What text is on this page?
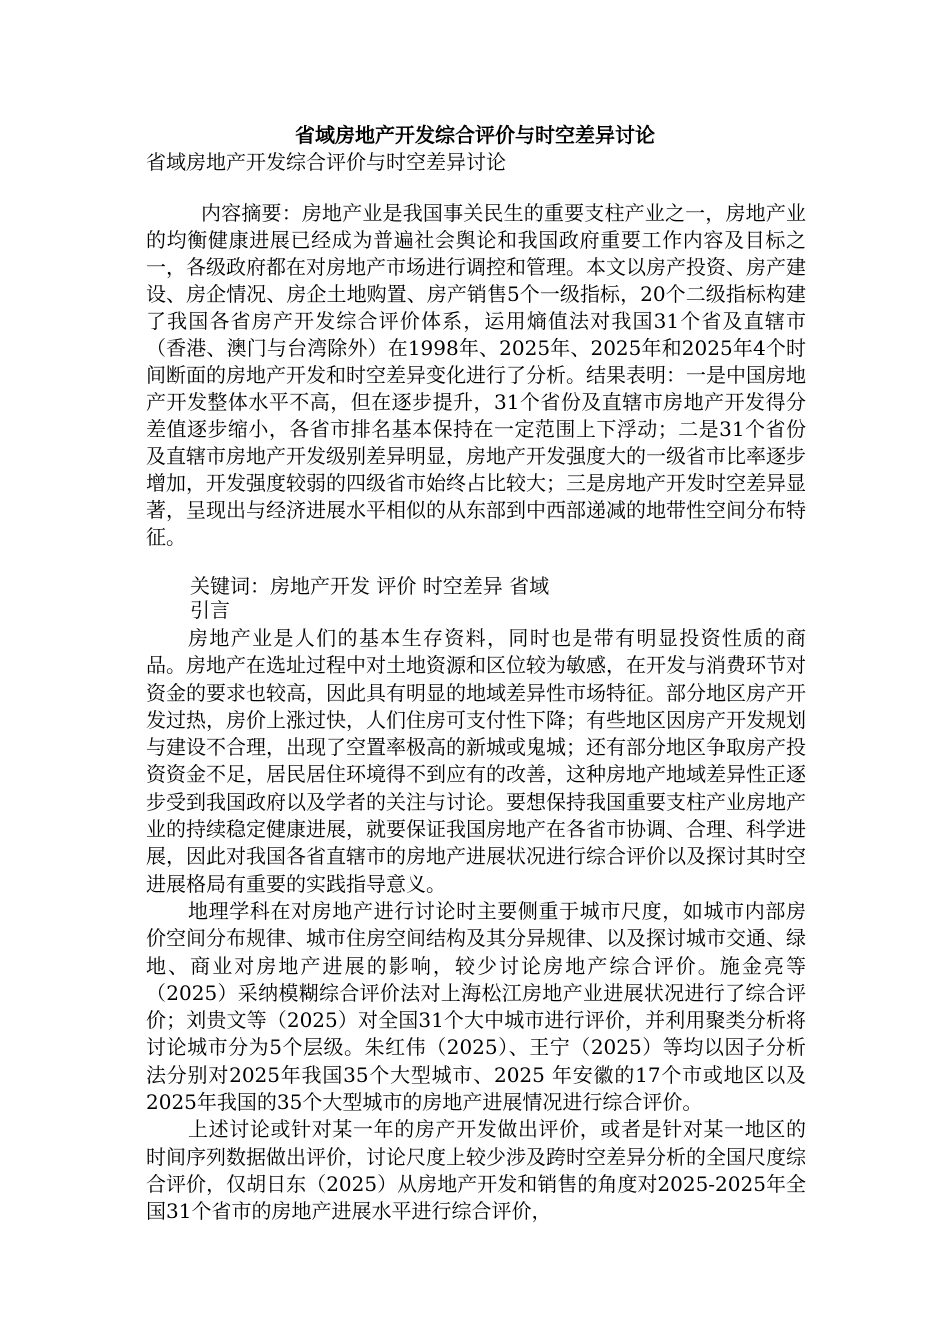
省域房地产开发综合评价与时空差异讨论
省域房地产开发综合评价与时空差异讨论

内容摘要：房地产业是我国事关民生的重要支柱产业之一，房地产业的均衡健康进展已经成为普遍社会舆论和我国政府重要工作内容及目标之一，各级政府都在对房地产市场进行调控和管理。本文以房产投资、房产建设、房企情况、房企土地购置、房产销售5个一级指标，20个二级指标构建了我国各省房产开发综合评价体系，运用熵值法对我国31个省及直辖市（香港、澳门与台湾除外）在1998年、2025年、2025年和2025年4个时间断面的房地产开发和时空差异变化进行了分析。结果表明：一是中国房地产开发整体水平不高，但在逐步提升，31个省份及直辖市房地产开发得分差值逐步缩小，各省市排名基本保持在一定范围上下浮动；二是31个省份及直辖市房地产开发级别差异明显，房地产开发强度大的一级省市比率逐步增加，开发强度较弱的四级省市始终占比较大；三是房地产开发时空差异显著，呈现出与经济进展水平相似的从东部到中西部递减的地带性空间分布特征。

关键词：房地产开发 评价 时空差异 省域
引言

房地产业是人们的基本生存资料，同时也是带有明显投资性质的商品。房地产在选址过程中对土地资源和区位较为敏感，在开发与消费环节对资金的要求也较高，因此具有明显的地域差异性市场特征。部分地区房产开发过热，房价上涨过快，人们住房可支付性下降；有些地区因房产开发规划与建设不合理，出现了空置率极高的新城或鬼城；还有部分地区争取房产投资资金不足，居民居住环境得不到应有的改善，这种房地产地域差异性正逐步受到我国政府以及学者的关注与讨论。要想保持我国重要支柱产业房地产业的持续稳定健康进展，就要保证我国房地产在各省市协调、合理、科学进展，因此对我国各省直辖市的房地产进展状况进行综合评价以及探讨其时空进展格局有重要的实践指导意义。

地理学科在对房地产进行讨论时主要侧重于城市尺度，如城市内部房价空间分布规律、城市住房空间结构及其分异规律、以及探讨城市交通、绿地、商业对房地产进展的影响，较少讨论房地产综合评价。施金亮等（2025）采纳模糊综合评价法对上海松江房地产业进展状况进行了综合评价；刘贵文等（2025）对全国31个大中城市进行评价，并利用聚类分析将讨论城市分为5个层级。朱红伟（2025）、王宁（2025）等均以因子分析法分别对2025年我国35个大型城市、2025 年安徽的17个市或地区以及2025年我国的35个大型城市的房地产进展情况进行综合评价。

上述讨论或针对某一年的房产开发做出评价，或者是针对某一地区的时间序列数据做出评价，讨论尺度上较少涉及跨时空差异分析的全国尺度综合评价，仅胡日东（2025）从房地产开发和销售的角度对2025-2025年全国31个省市的房地产进展水平进行综合评价，
